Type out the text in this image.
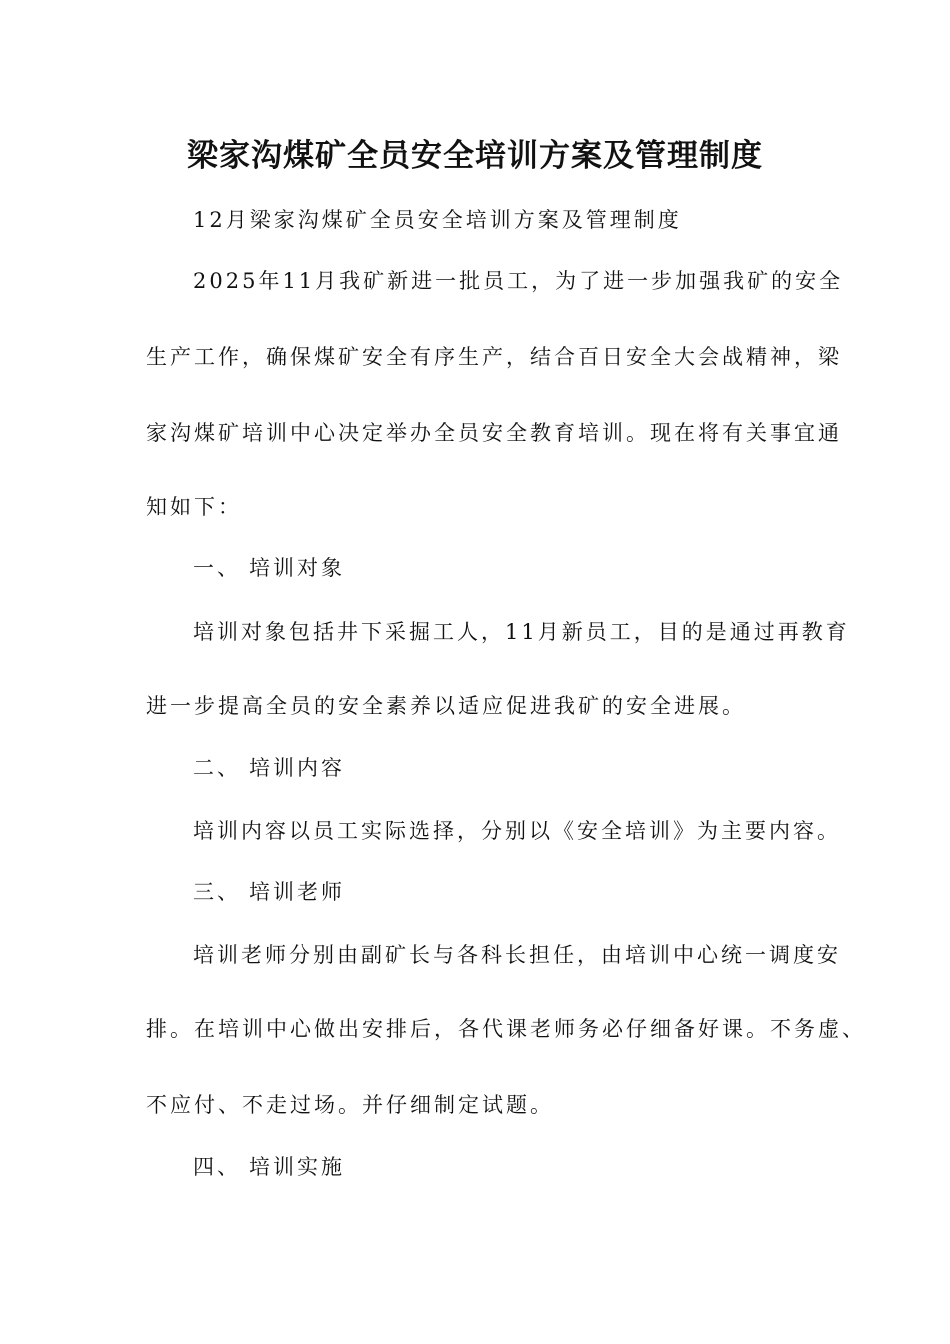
梁家沟煤矿全员安全培训方案及管理制度

12月梁家沟煤矿全员安全培训方案及管理制度

2025年11月我矿新进一批员工，为了进一步加强我矿的安全

生产工作，确保煤矿安全有序生产，结合百日安全大会战精神，梁

家沟煤矿培训中心决定举办全员安全教育培训。现在将有关事宜通

知如下：

一、 培训对象

培训对象包括井下采掘工人，11月新员工，目的是通过再教育

进一步提高全员的安全素养以适应促进我矿的安全进展。

二、 培训内容

培训内容以员工实际选择，分别以《安全培训》为主要内容。

三、 培训老师

培训老师分别由副矿长与各科长担任，由培训中心统一调度安

排。在培训中心做出安排后，各代课老师务必仔细备好课。不务虚、

不应付、不走过场。并仔细制定试题。

四、 培训实施
